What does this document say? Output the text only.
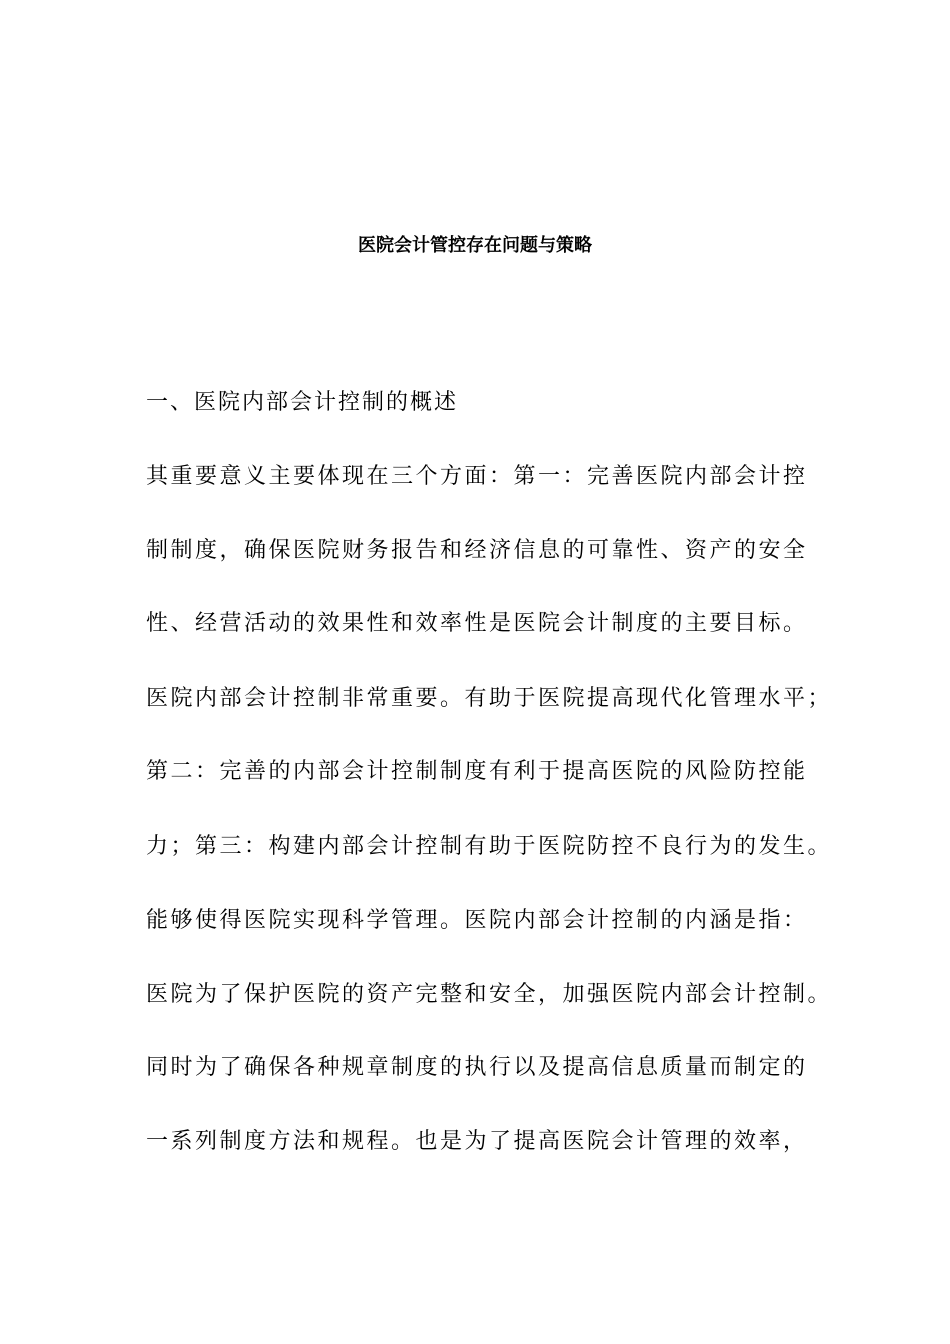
医院会计管控存在问题与策略
一、医院内部会计控制的概述
其重要意义主要体现在三个方面：第一：完善医院内部会计控
制制度，确保医院财务报告和经济信息的可靠性、资产的安全
性、经营活动的效果性和效率性是医院会计制度的主要目标。
医院内部会计控制非常重要。有助于医院提高现代化管理水平；
第二：完善的内部会计控制制度有利于提高医院的风险防控能
力；第三：构建内部会计控制有助于医院防控不良行为的发生。
能够使得医院实现科学管理。医院内部会计控制的内涵是指：
医院为了保护医院的资产完整和安全，加强医院内部会计控制。
同时为了确保各种规章制度的执行以及提高信息质量而制定的
一系列制度方法和规程。也是为了提高医院会计管理的效率，
